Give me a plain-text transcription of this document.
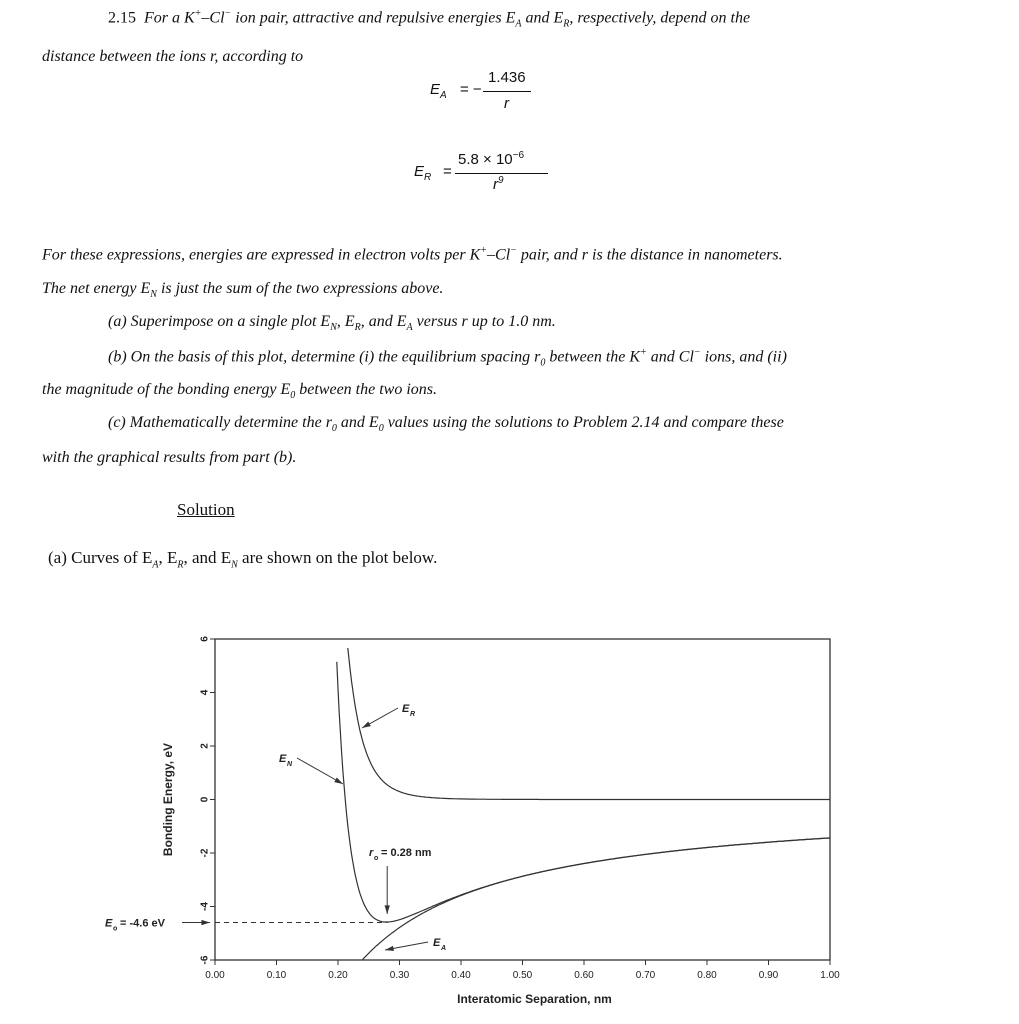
2.15 For a K+–Cl− ion pair, attractive and repulsive energies $E_A$ and $E_R$, respectively, depend on the
distance between the ions r, according to
$E_A$ = −
1.436
r
$E_R$ =
$5.8 \times 10^{-6}$
$r^9$
For these expressions, energies are expressed in electron volts per K+–Cl− pair, and r is the distance in nanometers.
The net energy $E_N$ is just the sum of the two expressions above.
(a) Superimpose on a single plot $E_N$, $E_R$, and $E_A$ versus r up to 1.0 nm.
(b) On the basis of this plot, determine (i) the equilibrium spacing $r_0$ between the K+ and Cl− ions, and (ii)
the magnitude of the bonding energy $E_0$ between the two ions.
(c) Mathematically determine the $r_0$ and $E_0$ values using the solutions to Problem 2.14 and compare these
with the graphical results from part (b).
Solution
(a) Curves of $E_A$, $E_R$, and $E_N$ are shown on the plot below.
6
4
2
0
-2
-4
-6
0.00	0.10	0.20	0.30	0.40	0.50	0.60	0.70	0.80	0.90	1.00
Interatomic Separation, nm
Bonding Energy, eV
E R
E N
r o = 0.28 nm
E o = -4.6 eV
E A
